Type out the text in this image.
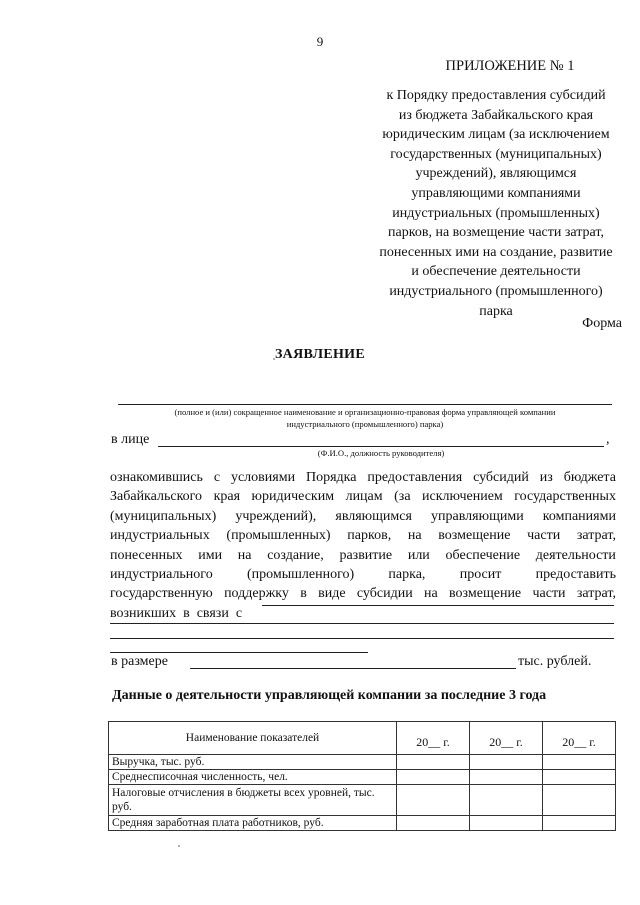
9
ПРИЛОЖЕНИЕ № 1
к Порядку предоставления субсидий
из бюджета Забайкальского края
юридическим лицам (за исключением
государственных (муниципальных)
учреждений), являющимся
управляющими компаниями
индустриальных (промышленных)
парков, на возмещение части затрат,
понесенных ими на создание, развитие
и обеспечение деятельности
индустриального (промышленного)
парка
Форма
ЗАЯВЛЕНИЕ
(полное и (или) сокращенное наименование и организационно-правовая форма управляющей компании
индустриального (промышленного) парка)
в лице	,
(Ф.И.О., должность руководителя)
ознакомившись с условиями Порядка предоставления субсидий из бюджета
Забайкальского края юридическим лицам (за исключением государственных
(муниципальных) учреждений), являющимся управляющими компаниями
индустриальных (промышленных) парков, на возмещение части затрат,
понесенных ими на создание, развитие или обеспечение деятельности
индустриального (промышленного) парка, просит предоставить
государственную поддержку в виде субсидии на возмещение части затрат,
возникших  в  связи  с
в размере	тыс. рублей.
Данные о деятельности управляющей компании за последние 3 года
Наименование показателей	20__ г.	20__ г.	20__ г.
Выручка, тыс. руб.			
Среднесписочная численность, чел.			
Налоговые отчисления в бюджеты всех уровней, тыс. руб.			
Средняя заработная плата работников, руб.			
